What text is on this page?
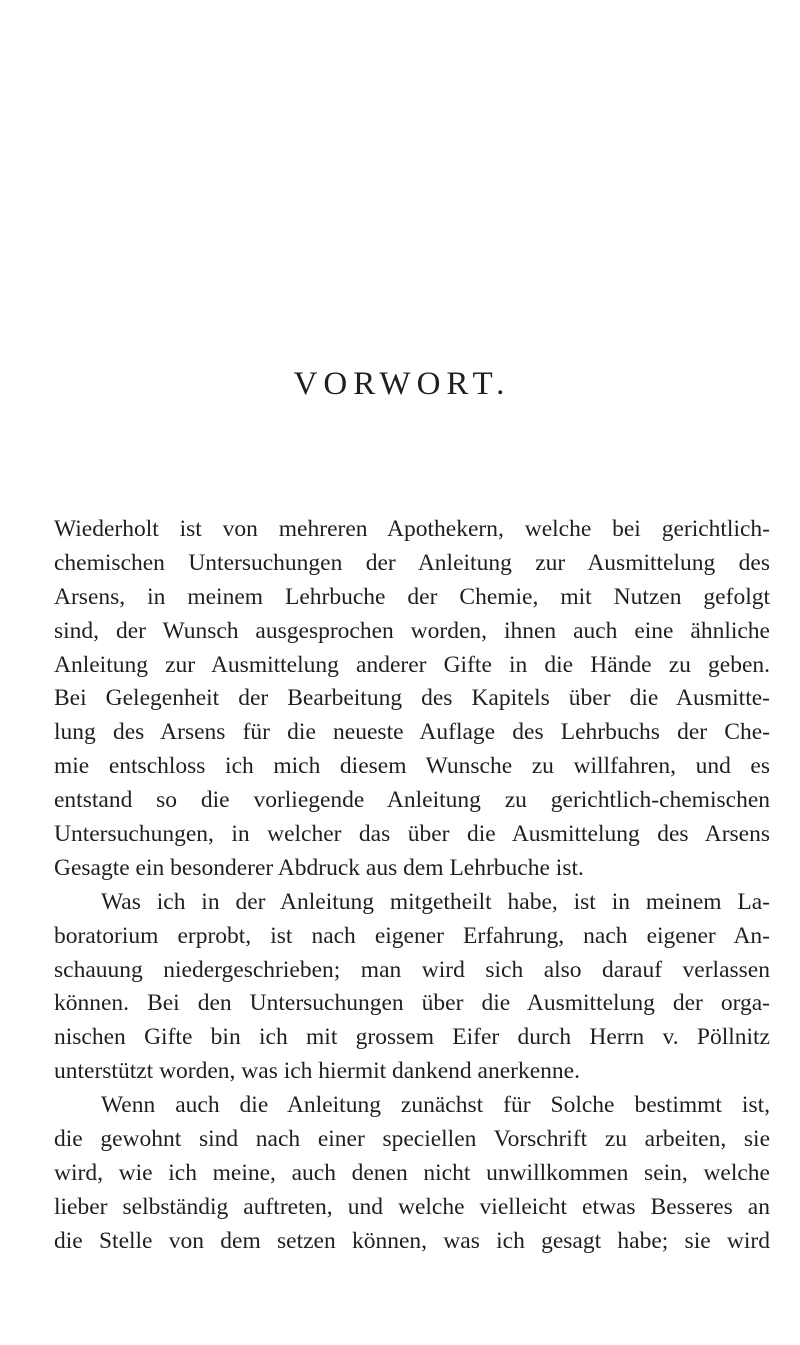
VORWORT.
Wiederholt ist von mehreren Apothekern, welche bei gerichtlich-
chemischen Untersuchungen der Anleitung zur Ausmittelung des
Arsens, in meinem Lehrbuche der Chemie, mit Nutzen gefolgt
sind, der Wunsch ausgesprochen worden, ihnen auch eine ähnliche
Anleitung zur Ausmittelung anderer Gifte in die Hände zu geben.
Bei Gelegenheit der Bearbeitung des Kapitels über die Ausmitte-
lung des Arsens für die neueste Auflage des Lehrbuchs der Che-
mie entschloss ich mich diesem Wunsche zu willfahren, und es
entstand so die vorliegende Anleitung zu gerichtlich-chemischen
Untersuchungen, in welcher das über die Ausmittelung des Arsens
Gesagte ein besonderer Abdruck aus dem Lehrbuche ist.
Was ich in der Anleitung mitgetheilt habe, ist in meinem La-
boratorium erprobt, ist nach eigener Erfahrung, nach eigener An-
schauung niedergeschrieben; man wird sich also darauf verlassen
können. Bei den Untersuchungen über die Ausmittelung der orga-
nischen Gifte bin ich mit grossem Eifer durch Herrn v. Pöllnitz
unterstützt worden, was ich hiermit dankend anerkenne.
Wenn auch die Anleitung zunächst für Solche bestimmt ist,
die gewohnt sind nach einer speciellen Vorschrift zu arbeiten, sie
wird, wie ich meine, auch denen nicht unwillkommen sein, welche
lieber selbständig auftreten, und welche vielleicht etwas Besseres an
die Stelle von dem setzen können, was ich gesagt habe; sie wird
